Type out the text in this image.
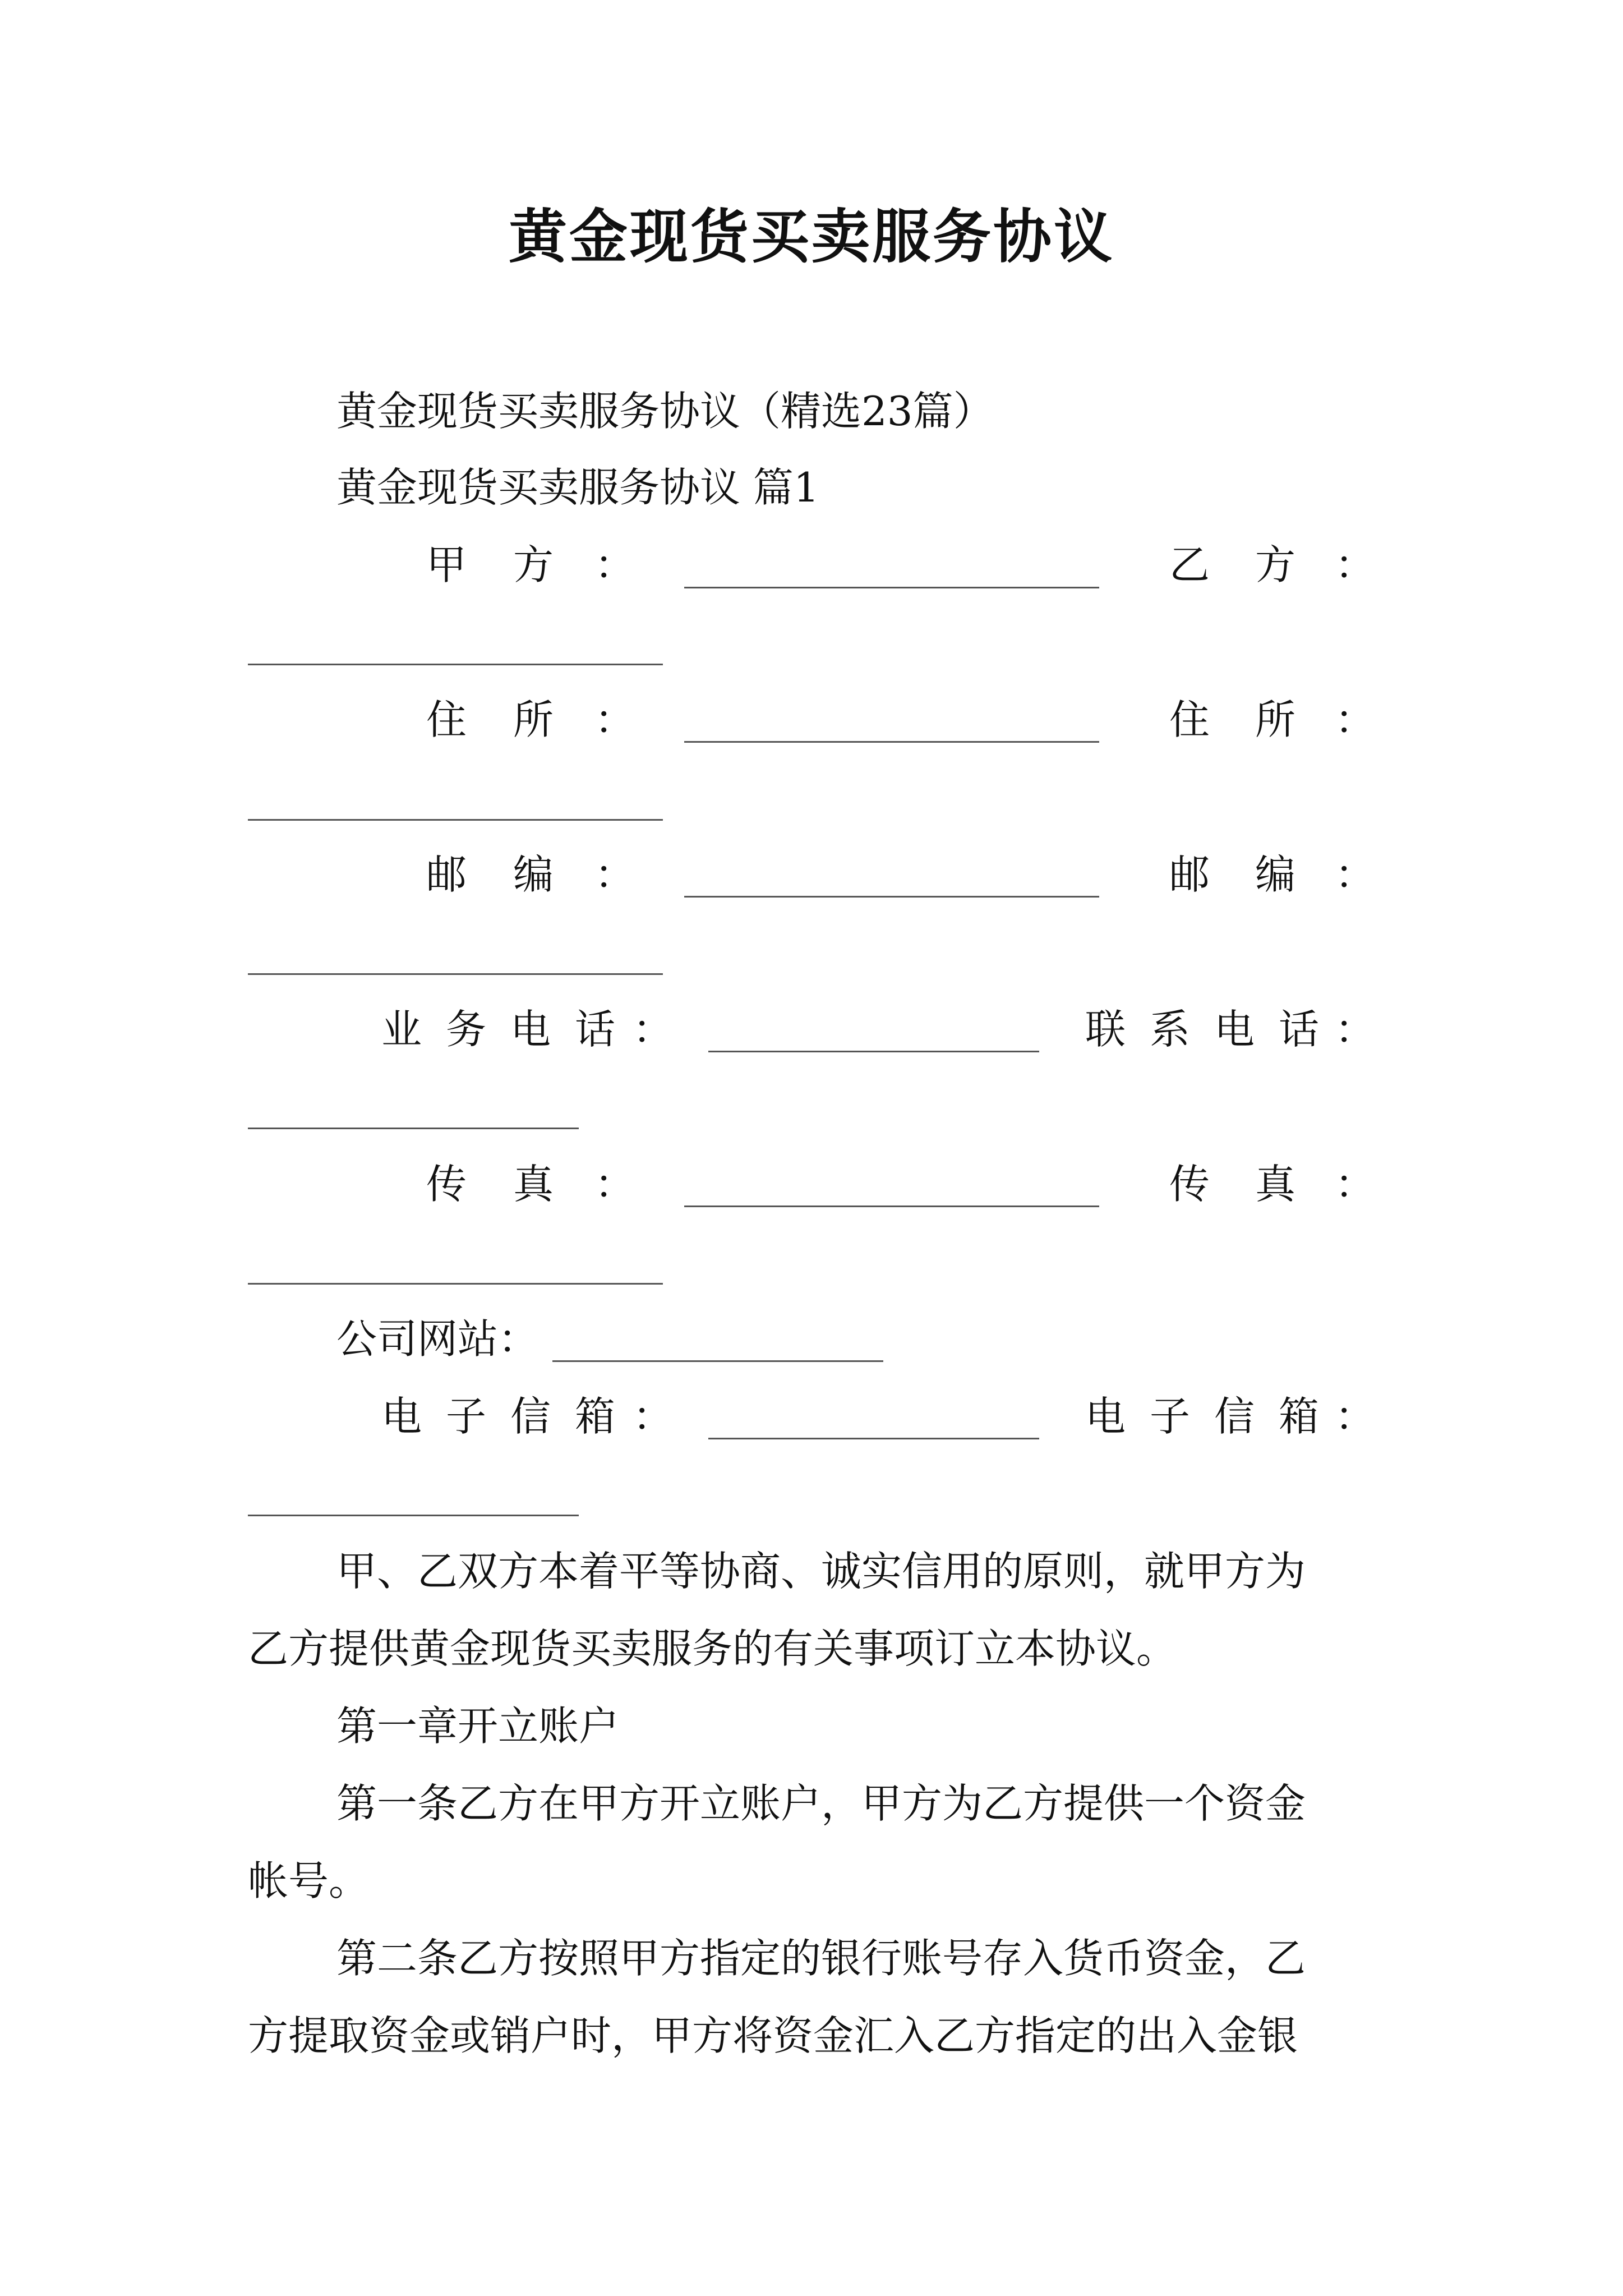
黄金现货买卖服务协议
黄金现货买卖服务协议（精选23篇）
黄金现货买卖服务协议 篇1
甲 方 ：	乙 方 ：
住 所 ：	住 所 ：
邮 编 ：	邮 编 ：
业 务 电 话 ：	联 系 电 话 ：
传 真 ：	传 真 ：
公司网站：
电 子 信 箱 ：	电 子 信 箱 ：
甲、乙双方本着平等协商、诚实信用的原则，就甲方为
乙方提供黄金现货买卖服务的有关事项订立本协议。
第一章开立账户
第一条乙方在甲方开立账户，甲方为乙方提供一个资金
帐号。
第二条乙方按照甲方指定的银行账号存入货币资金，乙
方提取资金或销户时，甲方将资金汇入乙方指定的出入金银
